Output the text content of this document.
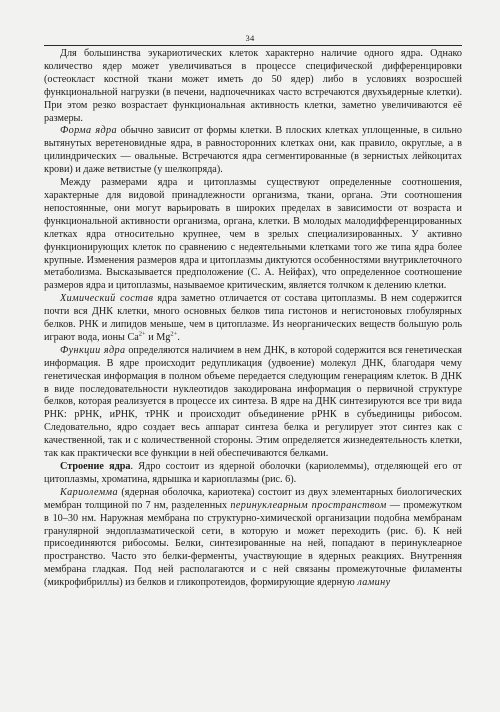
34

Для большинства эукариотических клеток характерно наличие одного ядра. Однако количество ядер может увеличиваться в процессе специфической дифференцировки (остеокласт костной ткани может иметь до 50 ядер) либо в условиях возросшей функциональной нагрузки (в печени, надпочечниках часто встречаются двухъядерные клетки). При этом резко возрастает функциональная активность клетки, заметно увеличиваются её размеры.

Форма ядра обычно зависит от формы клетки. В плоских клетках уплощенные, в сильно вытянутых веретеновидные ядра, в равносторонних клетках они, как правило, округлые, а в цилиндрических — овальные. Встречаются ядра сегментированные (в зернистых лейкоцитах крови) и даже ветвистые (у шелкопряда).

Между размерами ядра и цитоплазмы существуют определенные соотношения, характерные для видовой принадлежности организма, ткани, органа. Эти соотношения непостоянные, они могут варьировать в широких пределах в зависимости от возраста и функциональной активности организма, органа, клетки. В молодых малодифференцированных клетках ядра относительно крупнее, чем в зрелых специализированных. У активно функционирующих клеток по сравнению с недеятельными клетками того же типа ядра более крупные. Изменения размеров ядра и цитоплазмы диктуются особенностями внутриклеточного метаболизма. Высказывается предположение (С. А. Нейфах), что определенное соотношение размеров ядра и цитоплазмы, называемое критическим, является толчком к делению клетки.

Химический состав ядра заметно отличается от состава цитоплазмы. В нем содержится почти вся ДНК клетки, много основных белков типа гистонов и негистоновых глобулярных белков. РНК и липидов меньше, чем в цитоплазме. Из неорганических веществ большую роль играют вода, ионы $Ca^{2+}$ и $Mg^{2+}$.

Функции ядра определяются наличием в нем ДНК, в которой содержится вся генетическая информация. В ядре происходит редупликация (удвоение) молекул ДНК, благодаря чему генетическая информация в полном объеме передается следующим генерациям клеток. В ДНК в виде последовательности нуклеотидов закодирована информация о первичной структуре белков, которая реализуется в процессе их синтеза. В ядре на ДНК синтезируются все три вида РНК: рРНК, иРНК, тРНК и происходит объединение рРНК в субъединицы рибосом. Следовательно, ядро создает весь аппарат синтеза белка и регулирует этот синтез как с качественной, так и с количественной стороны. Этим определяется жизнедеятельность клетки, так как практически все функции в ней обеспечиваются белками.

Строение ядра. Ядро состоит из ядерной оболочки (кариолеммы), отделяющей его от цитоплазмы, хроматина, ядрышка и кариоплазмы (рис. 6).

Кариолемма (ядерная оболочка, кариотека) состоит из двух элементарных биологических мембран толщиной по 7 нм, разделенных перинуклеарным пространством — промежутком в 10–30 нм. Наружная мембрана по структурно-химической организации подобна мембранам гранулярной эндоплазматической сети, в которую и может переходить (рис. 6). К ней присоединяются рибосомы. Белки, синтезированные на ней, попадают в перинуклеарное пространство. Часто это белки-ферменты, участвующие в ядерных реакциях. Внутренняя мембрана гладкая. Под ней располагаются и с ней связаны промежуточные филаменты (микрофибриллы) из белков и гликопротеидов, формирующие ядерную ламину
